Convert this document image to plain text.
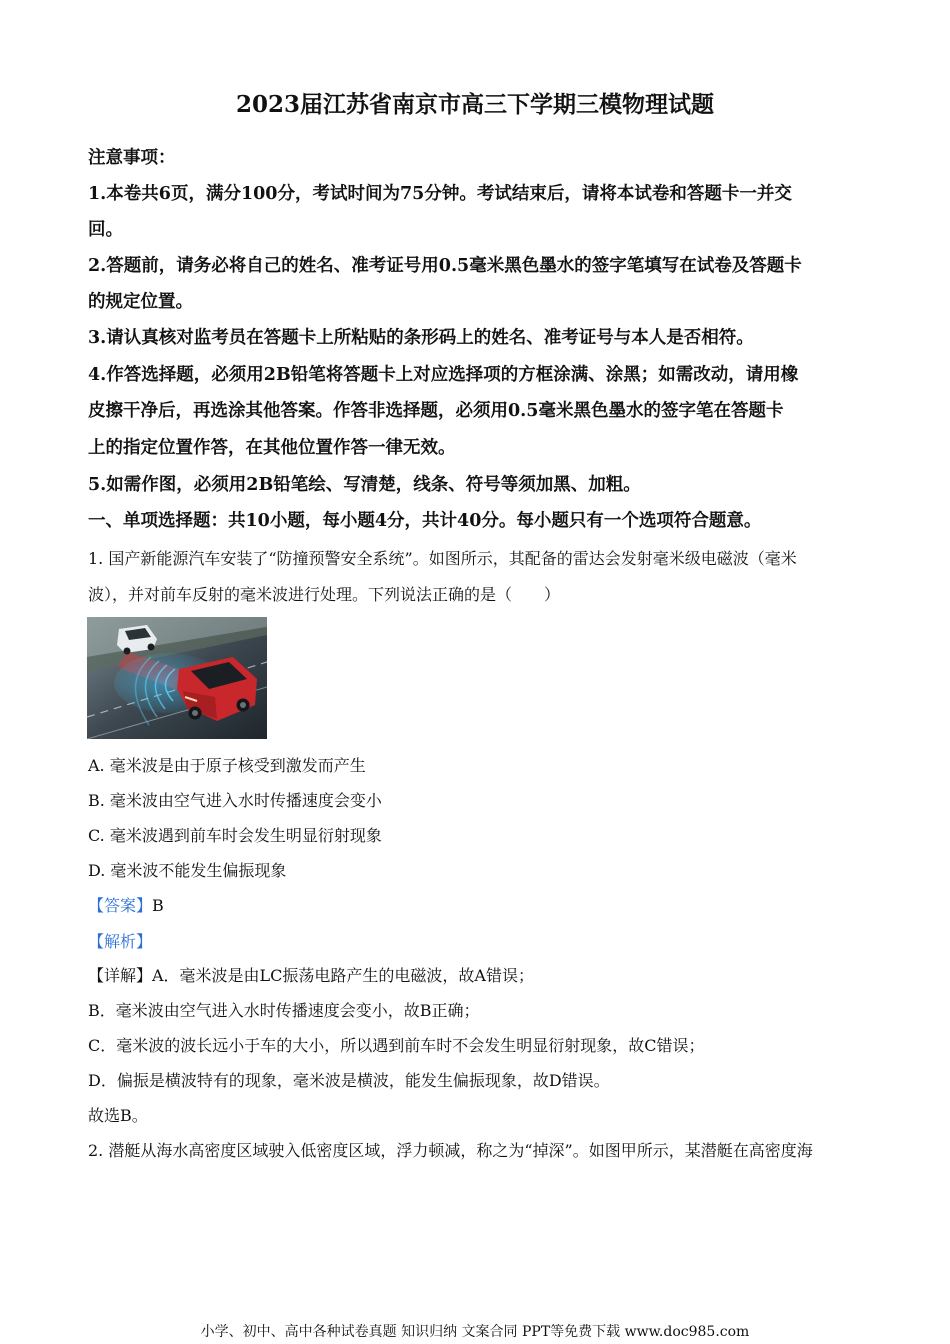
2023届江苏省南京市高三下学期三模物理试题
注意事项：
1.本卷共6页，满分100分，考试时间为75分钟。考试结束后，请将本试卷和答题卡一并交
回。
2.答题前，请务必将自己的姓名、准考证号用0.5毫米黑色墨水的签字笔填写在试卷及答题卡
的规定位置。
3.请认真核对监考员在答题卡上所粘贴的条形码上的姓名、准考证号与本人是否相符。
4.作答选择题，必须用2B铅笔将答题卡上对应选择项的方框涂满、涂黑；如需改动，请用橡
皮擦干净后，再选涂其他答案。作答非选择题，必须用0.5毫米黑色墨水的签字笔在答题卡
上的指定位置作答，在其他位置作答一律无效。
5.如需作图，必须用2B铅笔绘、写清楚，线条、符号等须加黑、加粗。
一、单项选择题：共10小题，每小题4分，共计40分。每小题只有一个选项符合题意。
1. 国产新能源汽车安装了“防撞预警安全系统”。如图所示，其配备的雷达会发射毫米级电磁波（毫米
波），并对前车反射的毫米波进行处理。下列说法正确的是（　　）
A. 毫米波是由于原子核受到激发而产生
B. 毫米波由空气进入水时传播速度会变小
C. 毫米波遇到前车时会发生明显衍射现象
D. 毫米波不能发生偏振现象
【答案】B
【解析】
【详解】A．毫米波是由LC振荡电路产生的电磁波，故A错误；
B．毫米波由空气进入水时传播速度会变小，故B正确；
C．毫米波的波长远小于车的大小，所以遇到前车时不会发生明显衍射现象，故C错误；
D．偏振是横波特有的现象，毫米波是横波，能发生偏振现象，故D错误。
故选B。
2. 潜艇从海水高密度区域驶入低密度区域，浮力顿减，称之为“掉深”。如图甲所示，某潜艇在高密度海
小学、初中、高中各种试卷真题 知识归纳 文案合同 PPT等免费下载 www.doc985.com
